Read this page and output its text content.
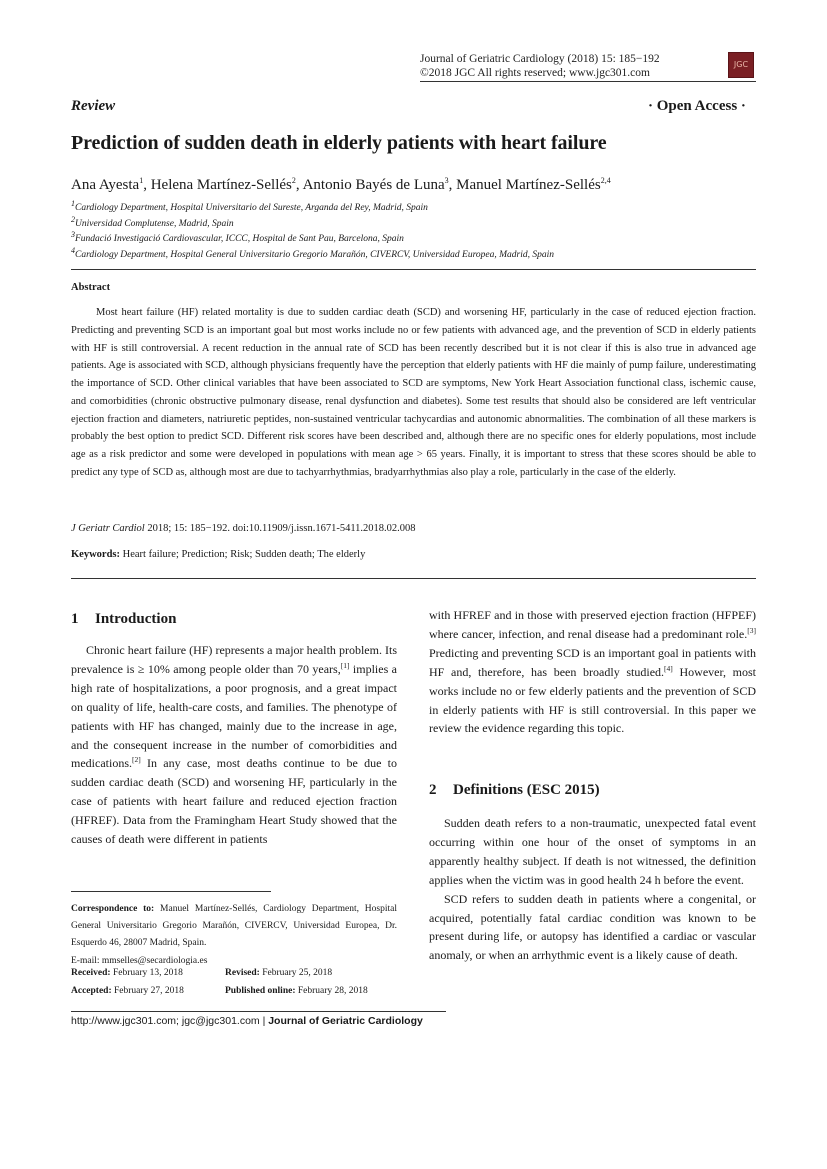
Journal of Geriatric Cardiology (2018) 15: 185−192
©2018 JGC All rights reserved; www.jgc301.com
JGC
Review	· Open Access ·
Prediction of sudden death in elderly patients with heart failure
Ana Ayesta$^1$, Helena Martínez-Sellés$^2$, Antonio Bayés de Luna$^3$, Manuel Martínez-Sellés$^{2,4}$
$^1$Cardiology Department, Hospital Universitario del Sureste, Arganda del Rey, Madrid, Spain
$^2$Universidad Complutense, Madrid, Spain
$^3$Fundació Investigació Cardiovascular, ICCC, Hospital de Sant Pau, Barcelona, Spain
$^4$Cardiology Department, Hospital General Universitario Gregorio Marañón, CIVERCV, Universidad Europea, Madrid, Spain
Abstract
Most heart failure (HF) related mortality is due to sudden cardiac death (SCD) and worsening HF, particularly in the case of reduced ejection fraction. Predicting and preventing SCD is an important goal but most works include no or few patients with advanced age, and the prevention of SCD in elderly patients with HF is still controversial. A recent reduction in the annual rate of SCD has been recently described but it is not clear if this is also true in advanced age patients. Age is associated with SCD, although physicians frequently have the perception that elderly patients with HF die mainly of pump failure, underestimating the importance of SCD. Other clinical variables that have been associated to SCD are symptoms, New York Heart Association functional class, ischemic cause, and comorbidities (chronic obstructive pulmonary disease, renal dysfunction and diabetes). Some test results that should also be considered are left ventricular ejection fraction and diameters, natriuretic peptides, non-sustained ventricular tachycardias and autonomic abnormalities. The combination of all these markers is probably the best option to predict SCD. Different risk scores have been described and, although there are no specific ones for elderly populations, most include age as a risk predictor and some were developed in populations with mean age > 65 years. Finally, it is important to stress that these scores should be able to predict any type of SCD as, although most are due to tachyarrhythmias, bradyarrhythmias also play a role, particularly in the case of the elderly.
J Geriatr Cardiol 2018; 15: 185−192. doi:10.11909/j.issn.1671-5411.2018.02.008
Keywords: Heart failure; Prediction; Risk; Sudden death; The elderly
1 Introduction

Chronic heart failure (HF) represents a major health problem. Its prevalence is ≥ 10% among people older than 70 years,[1] implies a high rate of hospitalizations, a poor prognosis, and a great impact on quality of life, health-care costs, and families. The phenotype of patients with HF has changed, mainly due to the increase in age, and the consequent increase in the number of comorbidities and medications.[2] In any case, most deaths continue to be due to sudden cardiac death (SCD) and worsening HF, particularly in the case of patients with heart failure and reduced ejection fraction (HFREF). Data from the Framingham Heart Study showed that the causes of death were different in patients

Correspondence to: Manuel Martínez-Sellés, Cardiology Department, Hospital General Universitario Gregorio Marañón, CIVERCV, Universidad Europea, Dr. Esquerdo 46, 28007 Madrid, Spain.
E-mail: mmselles@secardiologia.es
Received: February 13, 2018	Revised: February 25, 2018
Accepted: February 27, 2018	Published online: February 28, 2018

with HFREF and in those with preserved ejection fraction (HFPEF) where cancer, infection, and renal disease had a predominant role.[3] Predicting and preventing SCD is an important goal in patients with HF and, therefore, has been broadly studied.[4] However, most works include no or few elderly patients and the prevention of SCD in elderly patients with HF is still controversial. In this paper we review the evidence regarding this topic.

2 Definitions (ESC 2015)

Sudden death refers to a non-traumatic, unexpected fatal event occurring within one hour of the onset of symptoms in an apparently healthy subject. If death is not witnessed, the definition applies when the victim was in good health 24 h before the event.

SCD refers to sudden death in patients where a congenital, or acquired, potentially fatal cardiac condition was known to be present during life, or autopsy has identified a cardiac or vascular anomaly, or when an arrhythmic event is a likely cause of death.

http://www.jgc301.com; jgc@jgc301.com | Journal of Geriatric Cardiology
